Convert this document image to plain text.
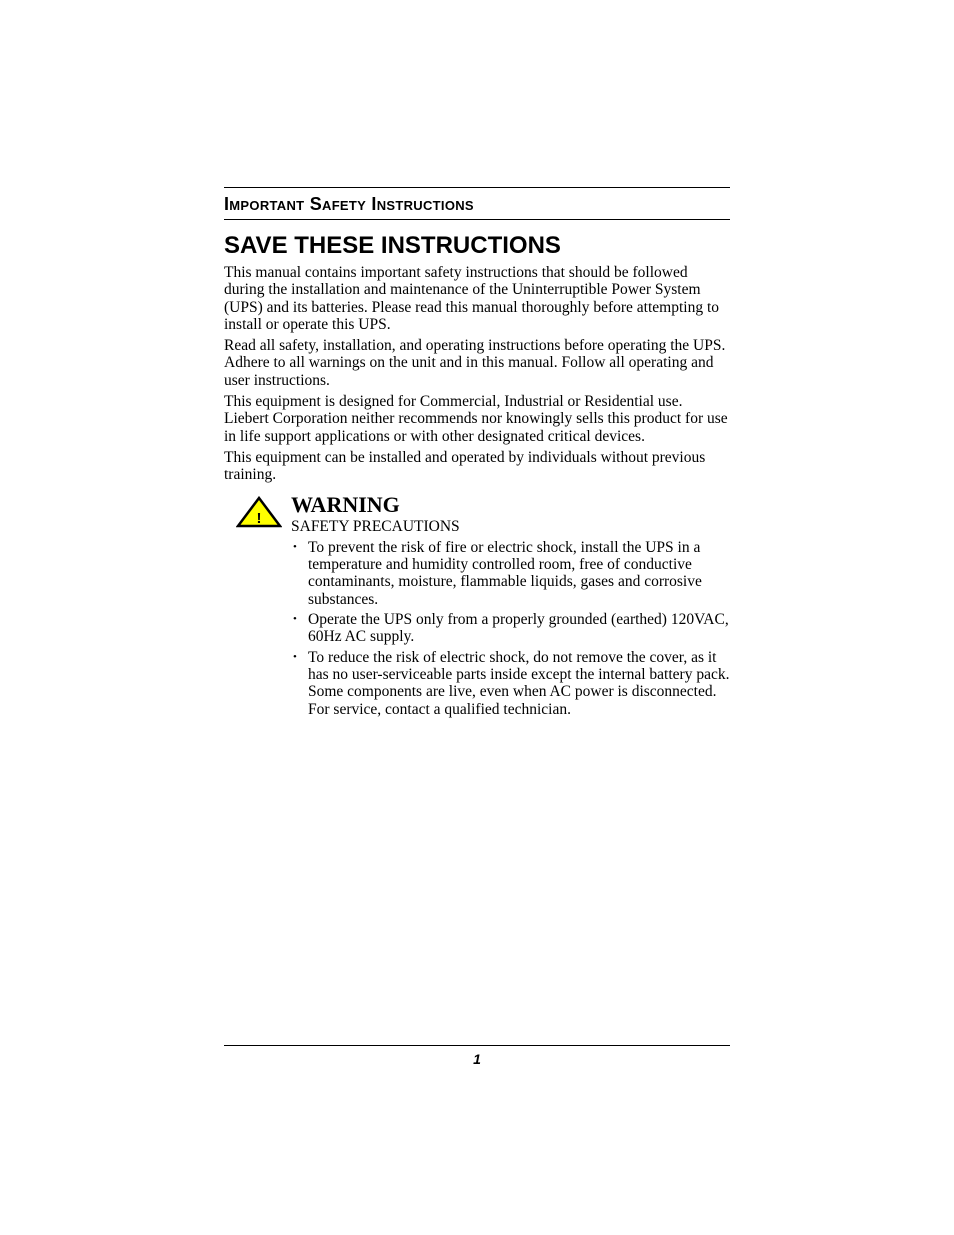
Important Safety Instructions
SAVE THESE INSTRUCTIONS

This manual contains important safety instructions that should be followed during the installation and maintenance of the Uninterruptible Power System (UPS) and its batteries. Please read this manual thoroughly before attempting to install or operate this UPS.

Read all safety, installation, and operating instructions before operating the UPS. Adhere to all warnings on the unit and in this manual. Follow all operating and user instructions.

This equipment is designed for Commercial, Industrial or Residential use. Liebert Corporation neither recommends nor knowingly sells this product for use in life support applications or with other designated critical devices.

This equipment can be installed and operated by individuals without previous training.

!
WARNING
SAFETY PRECAUTIONS
• To prevent the risk of fire or electric shock, install the UPS in a temperature and humidity controlled room, free of conductive contaminants, moisture, flammable liquids, gases and corrosive substances.
• Operate the UPS only from a properly grounded (earthed) 120VAC, 60Hz AC supply.
• To reduce the risk of electric shock, do not remove the cover, as it has no user-serviceable parts inside except the internal battery pack. Some components are live, even when AC power is disconnected. For service, contact a qualified technician.
1
